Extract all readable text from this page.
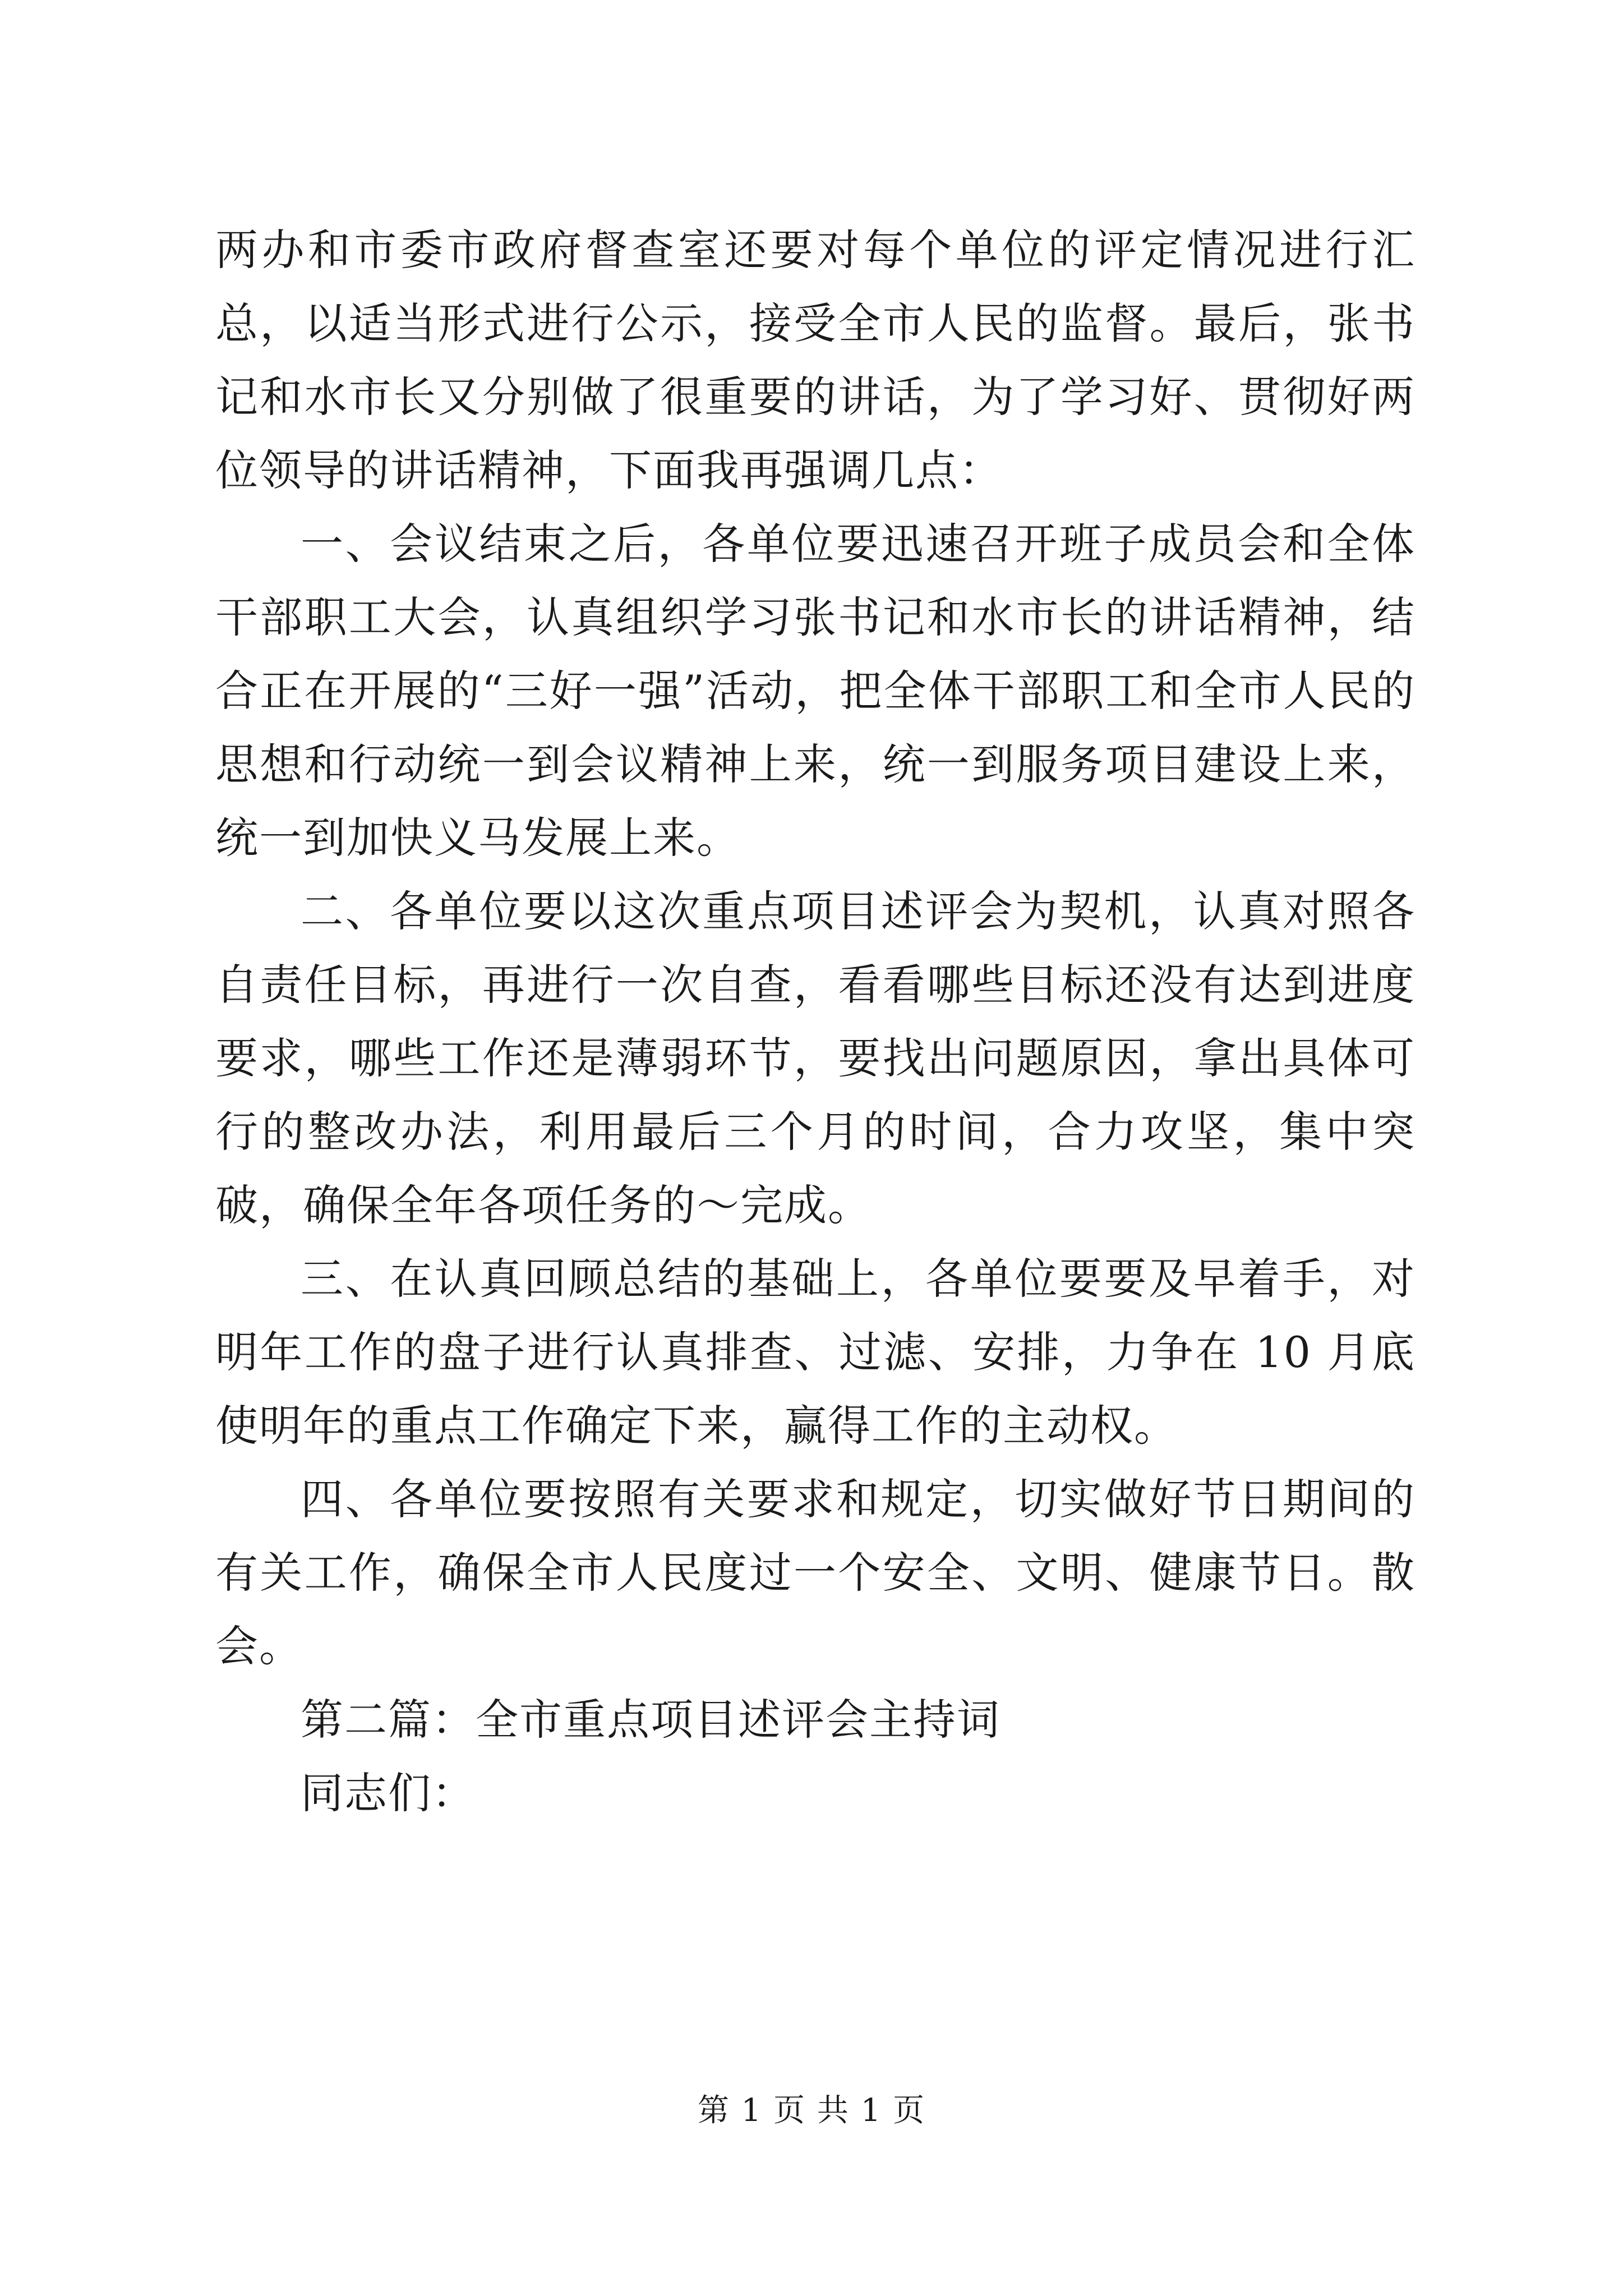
两办和市委市政府督查室还要对每个单位的评定情况进行汇总，以适当形式进行公示，接受全市人民的监督。最后，张书记和水市长又分别做了很重要的讲话，为了学习好、贯彻好两位领导的讲话精神，下面我再强调几点：

一、会议结束之后，各单位要迅速召开班子成员会和全体干部职工大会，认真组织学习张书记和水市长的讲话精神，结合正在开展的“三好一强”活动，把全体干部职工和全市人民的思想和行动统一到会议精神上来，统一到服务项目建设上来，统一到加快义马发展上来。

二、各单位要以这次重点项目述评会为契机，认真对照各自责任目标，再进行一次自查，看看哪些目标还没有达到进度要求，哪些工作还是薄弱环节，要找出问题原因，拿出具体可行的整改办法，利用最后三个月的时间，合力攻坚，集中突破，确保全年各项任务的～完成。

三、在认真回顾总结的基础上，各单位要要及早着手，对明年工作的盘子进行认真排查、过滤、安排，力争在 10 月底使明年的重点工作确定下来，赢得工作的主动权。

四、各单位要按照有关要求和规定，切实做好节日期间的有关工作，确保全市人民度过一个安全、文明、健康节日。散会。

第二篇：全市重点项目述评会主持词

同志们：

第 1 页 共 1 页
